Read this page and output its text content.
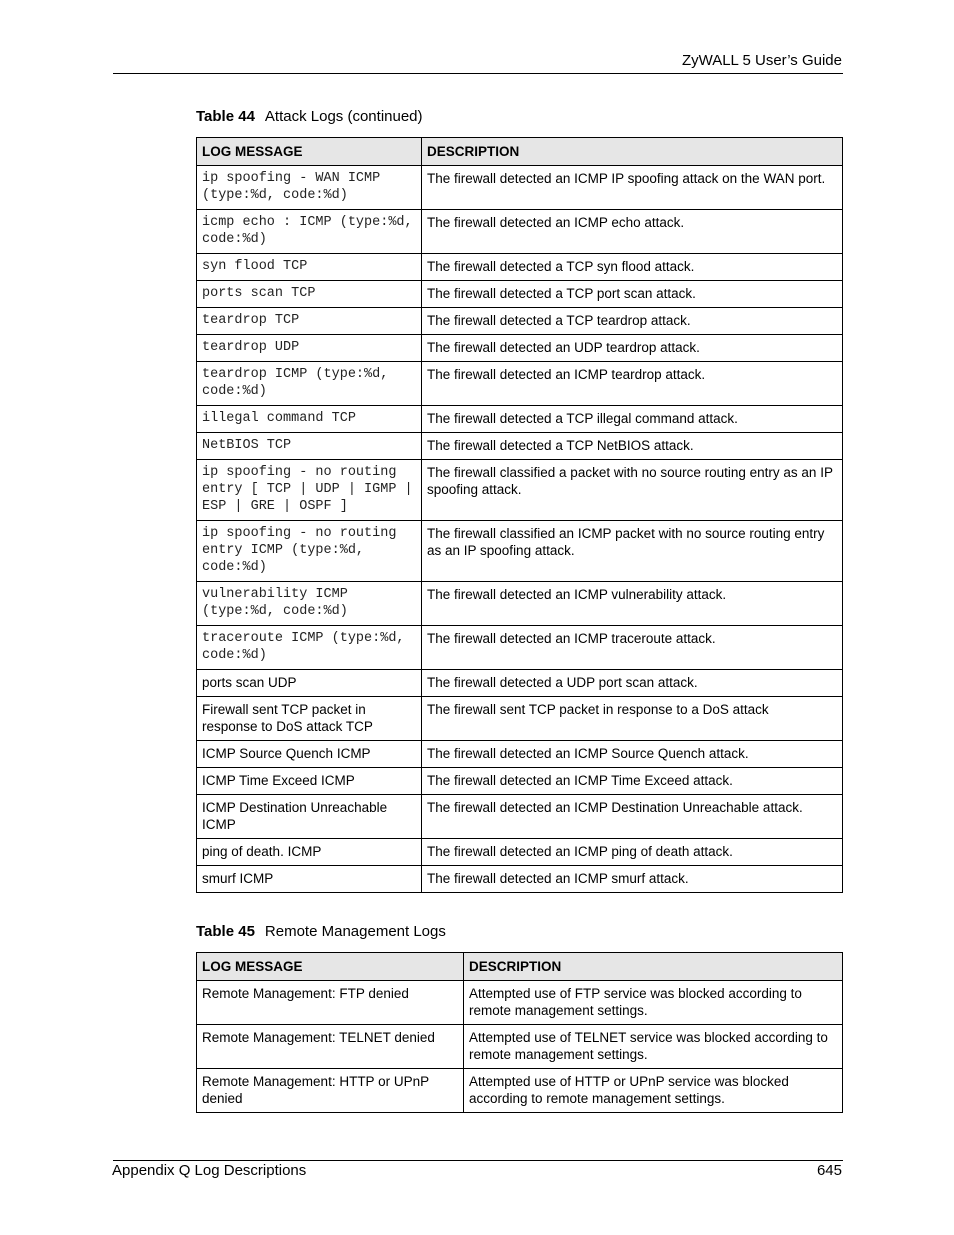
ZyWALL 5 User’s Guide
Table 44 Attack Logs (continued)
LOG MESSAGE	DESCRIPTION
ip spoofing - WAN ICMP (type:%d, code:%d)	The firewall detected an ICMP IP spoofing attack on the WAN port.
icmp echo : ICMP (type:%d, code:%d)	The firewall detected an ICMP echo attack.
syn flood TCP	The firewall detected a TCP syn flood attack.
ports scan TCP	The firewall detected a TCP port scan attack.
teardrop TCP	The firewall detected a TCP teardrop attack.
teardrop UDP	The firewall detected an UDP teardrop attack.
teardrop ICMP (type:%d, code:%d)	The firewall detected an ICMP teardrop attack.
illegal command TCP	The firewall detected a TCP illegal command attack.
NetBIOS TCP	The firewall detected a TCP NetBIOS attack.
ip spoofing - no routing entry [ TCP | UDP | IGMP | ESP | GRE | OSPF ]	The firewall classified a packet with no source routing entry as an IP spoofing attack.
ip spoofing - no routing entry ICMP (type:%d, code:%d)	The firewall classified an ICMP packet with no source routing entry as an IP spoofing attack.
vulnerability ICMP (type:%d, code:%d)	The firewall detected an ICMP vulnerability attack.
traceroute ICMP (type:%d, code:%d)	The firewall detected an ICMP traceroute attack.
ports scan UDP	The firewall detected a UDP port scan attack.
Firewall sent TCP packet in response to DoS attack TCP	The firewall sent TCP packet in response to a DoS attack
ICMP Source Quench ICMP	The firewall detected an ICMP Source Quench attack.
ICMP Time Exceed ICMP	The firewall detected an ICMP Time Exceed attack.
ICMP Destination Unreachable ICMP	The firewall detected an ICMP Destination Unreachable attack.
ping of death. ICMP	The firewall detected an ICMP ping of death attack.
smurf ICMP	The firewall detected an ICMP smurf attack.
Table 45 Remote Management Logs
LOG MESSAGE	DESCRIPTION
Remote Management: FTP denied	Attempted use of FTP service was blocked according to remote management settings.
Remote Management: TELNET denied	Attempted use of TELNET service was blocked according to remote management settings.
Remote Management: HTTP or UPnP denied	Attempted use of HTTP or UPnP service was blocked according to remote management settings.
Appendix Q Log Descriptions	645
